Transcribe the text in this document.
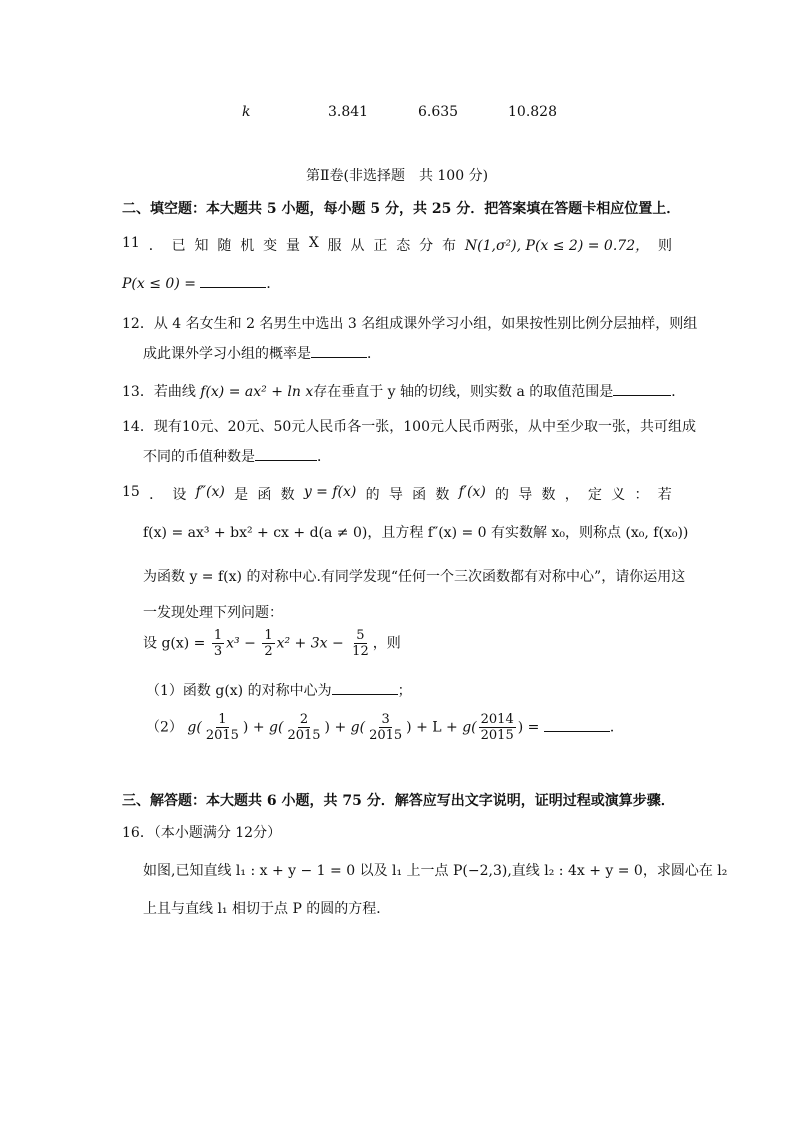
k	3.841	6.635	10.828
第Ⅱ卷(非选择题　共 100 分)
二、填空题：本大题共 5 小题，每小题 5 分，共 25 分．把答案填在答题卡相应位置上．
11 ． 已 知 随 机 变 量 X 服 从 正 态 分 布 N(1,σ²), P(x ≤ 2) = 0.72， 则
P(x ≤ 0) =	．
12．从 4 名女生和 2 名男生中选出 3 名组成课外学习小组，如果按性别比例分层抽样，则组
成此课外学习小组的概率是	．
13．若曲线 f(x) = ax² + ln x存在垂直于 y 轴的切线，则实数 a 的取值范围是	．
14．现有10元、20元、50元人民币各一张，100元人民币两张，从中至少取一张，共可组成
不同的币值种数是	．
15 ． 设 f″(x) 是 函 数 y = f(x) 的 导 函 数 f′(x) 的 导 数 ， 定 义 ： 若
f(x) = ax³ + bx² + cx + d(a ≠ 0)，且方程 f″(x) = 0 有实数解 x₀，则称点 (x₀, f(x₀))
为函数 y = f(x) 的对称中心.有同学发现“任何一个三次函数都有对称中心”，请你运用这
一发现处理下列问题：
设 $g(x) = \frac{1}{3} x^3 - \frac{1}{2} x^2 + 3x - \frac{5}{12}$ ，则
（1）函数 g(x) 的对称中心为	；
（2） $g( \frac{1}{2015}$ ) + $g( \frac{2}{2015}$ ) + $g( \frac{3}{2015}$ ) + $L + g( \frac{2014}{2015}$ ) =	．
三、解答题：本大题共 6 小题，共 75 分．解答应写出文字说明，证明过程或演算步骤．
16．（本小题满分 12分）
如图,已知直线 l₁ : x + y − 1 = 0 以及 l₁ 上一点 P(−2,3),直线 l₂ : 4x + y = 0，求圆心在 l₂
上且与直线 l₁ 相切于点 P 的圆的方程．
